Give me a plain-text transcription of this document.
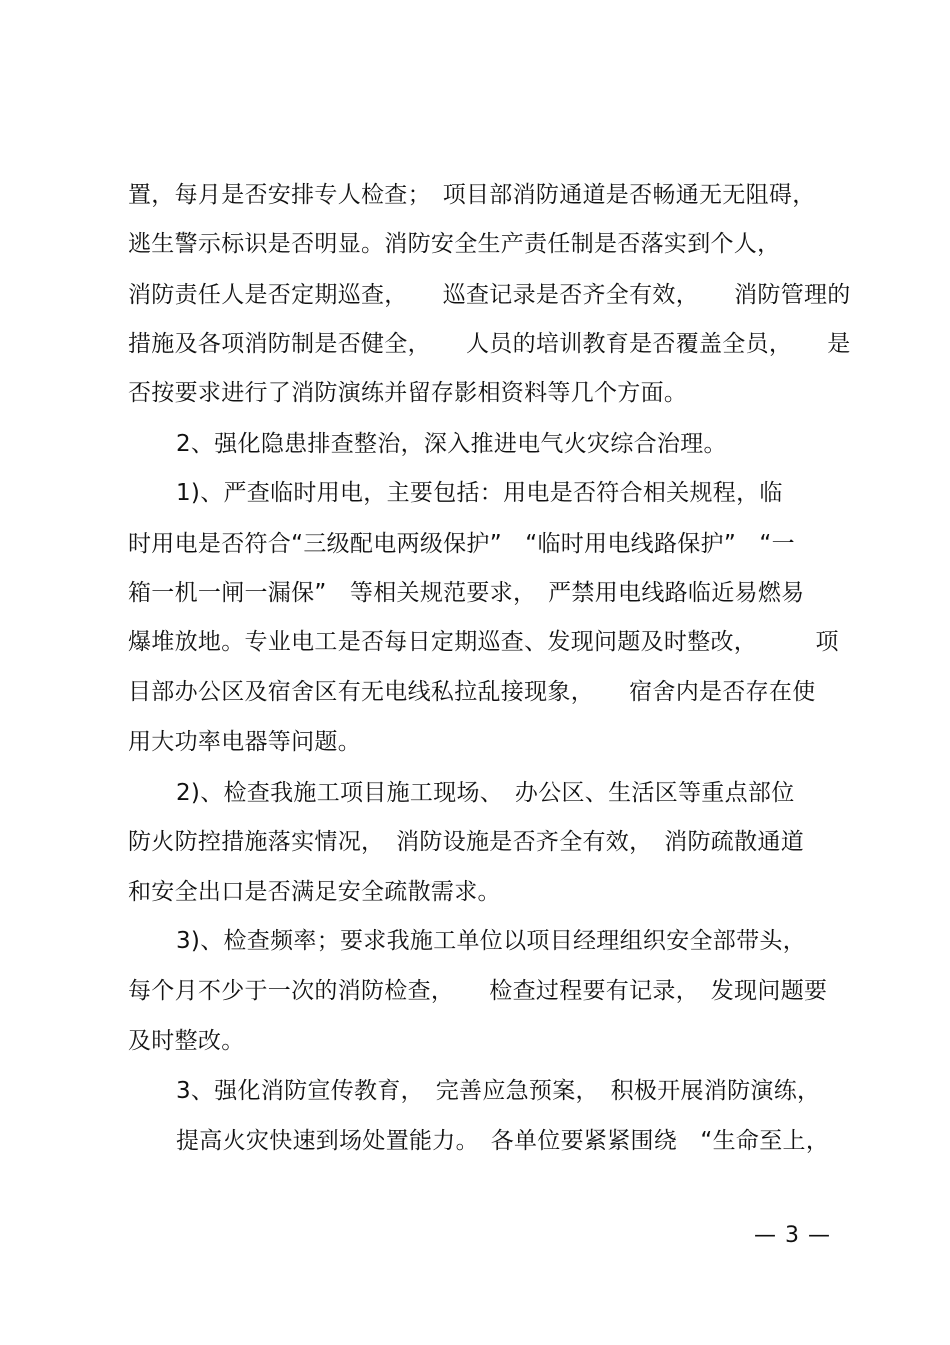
置，每月是否安排专人检查；　项目部消防通道是否畅通无无阻碍，
逃生警示标识是否明显。消防安全生产责任制是否落实到个人，
消防责任人是否定期巡查，　　巡查记录是否齐全有效，　　消防管理的
措施及各项消防制是否健全，　　人员的培训教育是否覆盖全员，　　是
否按要求进行了消防演练并留存影相资料等几个方面。
2、强化隐患排查整治，深入推进电气火灾综合治理。
1)、严查临时用电，主要包括：用电是否符合相关规程，临
时用电是否符合“三级配电两级保护”　“临时用电线路保护”　“一
箱一机一闸一漏保”　等相关规范要求，　严禁用电线路临近易燃易
爆堆放地。专业电工是否每日定期巡查、发现问题及时整改，　　　项
目部办公区及宿舍区有无电线私拉乱接现象，　　宿舍内是否存在使
用大功率电器等问题。
2)、检查我施工项目施工现场、　办公区、生活区等重点部位
防火防控措施落实情况，　消防设施是否齐全有效，　消防疏散通道
和安全出口是否满足安全疏散需求。
3)、检查频率；要求我施工单位以项目经理组织安全部带头，
每个月不少于一次的消防检查，　　检查过程要有记录，　发现问题要
及时整改。
3、强化消防宣传教育，　完善应急预案，　积极开展消防演练，
提高火灾快速到场处置能力。　各单位要紧紧围绕　“生命至上，
— 3 —
